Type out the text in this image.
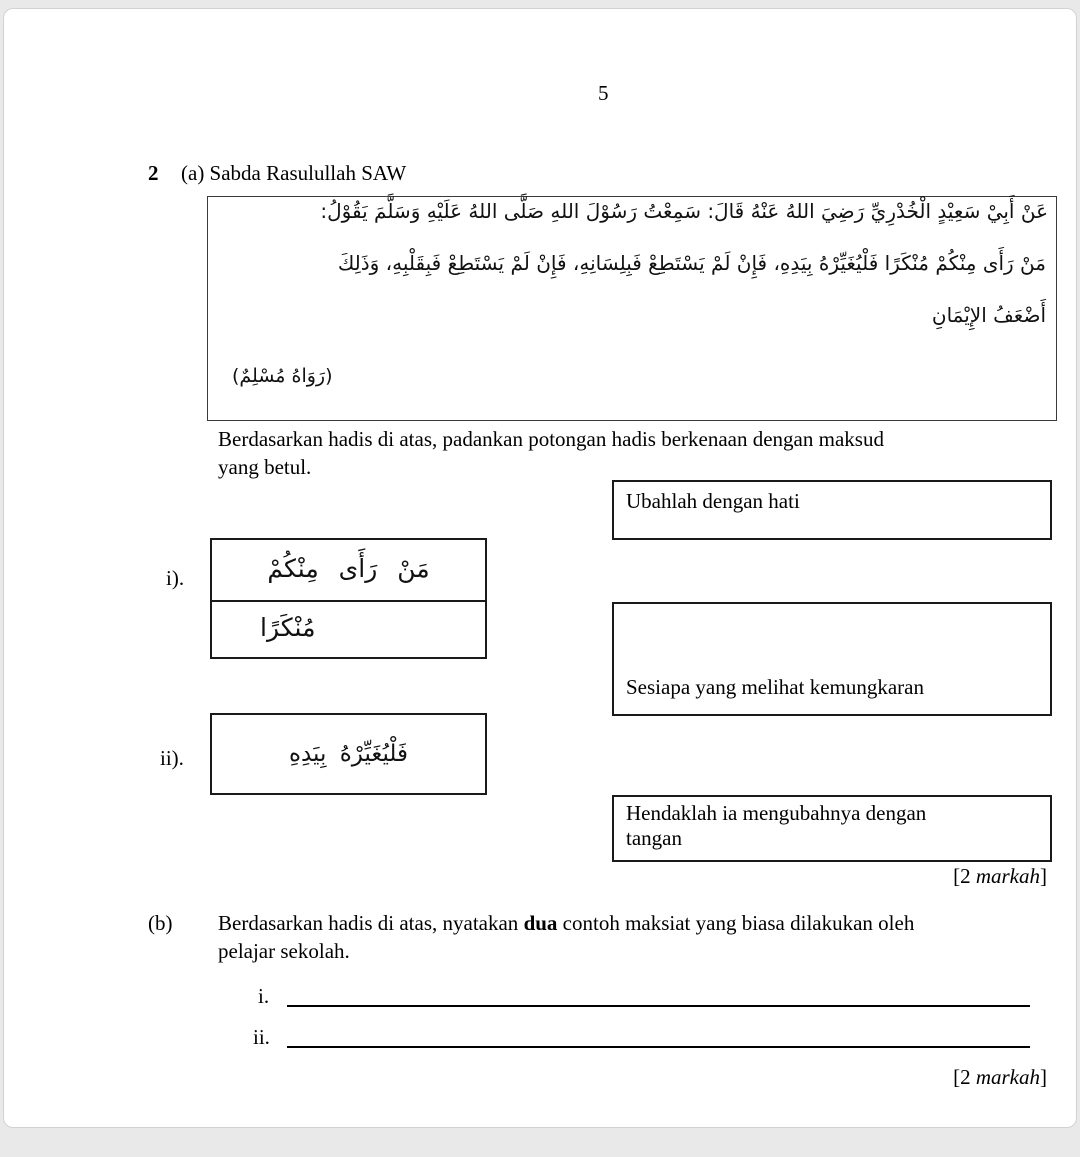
5
2 (a) Sabda Rasulullah SAW
عَنْ أَبِيْ سَعِيْدٍ الْخُدْرِيِّ رَضِيَ اللهُ عَنْهُ قَالَ: سَمِعْتُ رَسُوْلَ اللهِ صَلَّى اللهُ عَلَيْهِ وَسَلَّمَ يَقُوْلُ:
مَنْ رَأَى مِنْكُمْ مُنْكَرًا فَلْيُغَيِّرْهُ بِيَدِهِ، فَإِنْ لَمْ يَسْتَطِعْ فَبِلِسَانِهِ، فَإِنْ لَمْ يَسْتَطِعْ فَبِقَلْبِهِ، وَذَلِكَ
أَضْعَفُ الإِيْمَانِ
(رَوَاهُ مُسْلِمٌ)
Berdasarkan hadis di atas, padankan potongan hadis berkenaan dengan maksud
yang betul.
Ubahlah dengan hati
i).	مَنْ رَأَى مِنْكُمْ
مُنْكَرًا
Sesiapa yang melihat kemungkaran
ii).	فَلْيُغَيِّرْهُ بِيَدِهِ
Hendaklah ia mengubahnya dengan
tangan
[2 markah]
(b) Berdasarkan hadis di atas, nyatakan dua contoh maksiat yang biasa dilakukan oleh
pelajar sekolah.
i.
ii.
[2 markah]
